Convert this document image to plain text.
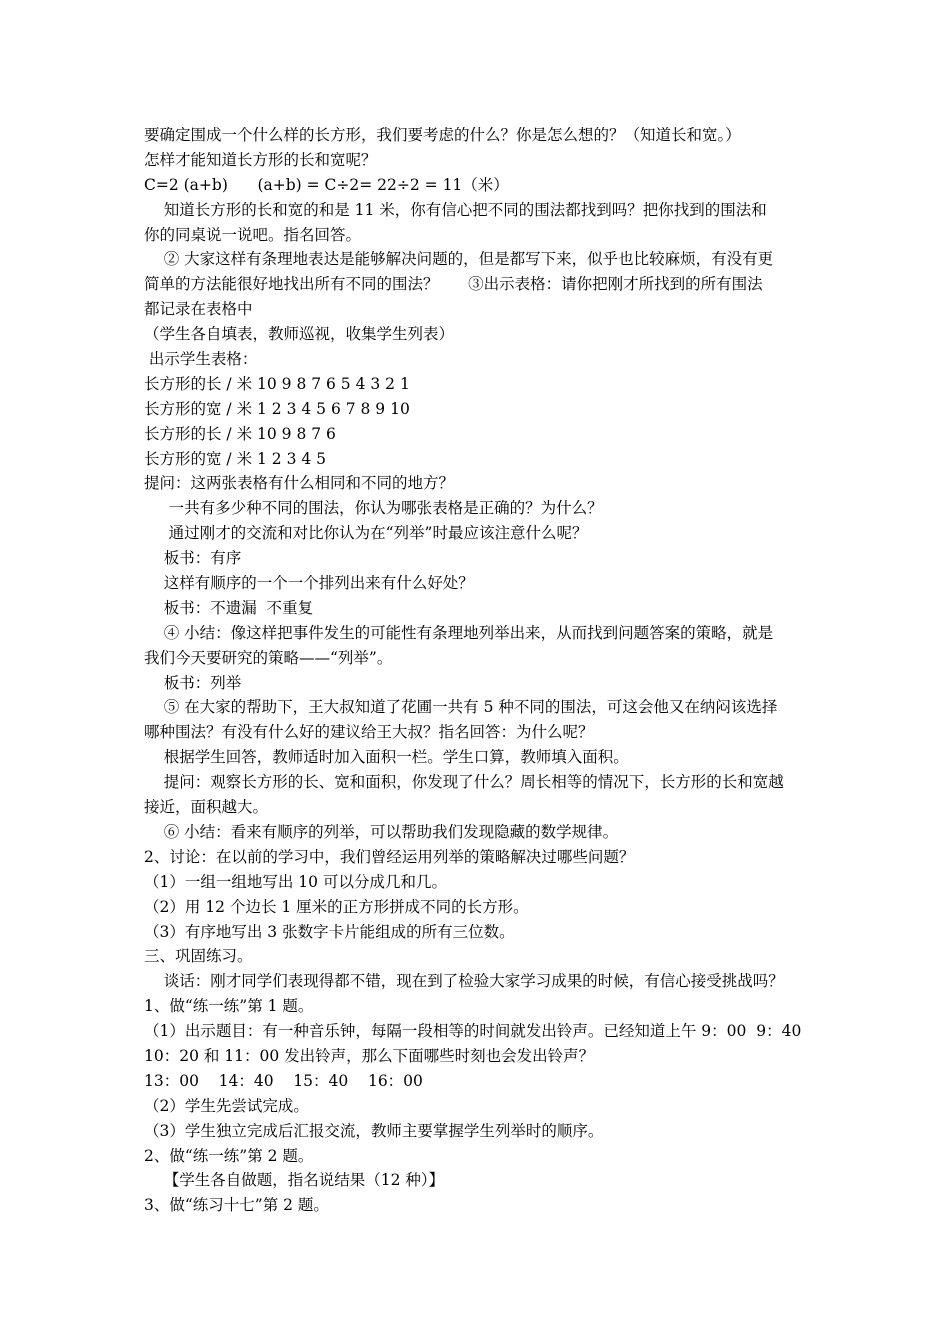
要确定围成一个什么样的长方形，我们要考虑的什么？你是怎么想的？（知道长和宽。）
怎样才能知道长方形的长和宽呢？
C=2 (a+b)      (a+b) = C÷2= 22÷2 = 11（米）
知道长方形的长和宽的和是 11 米，你有信心把不同的围法都找到吗？把你找到的围法和
你的同桌说一说吧。指名回答。
② 大家这样有条理地表达是能够解决问题的，但是都写下来，似乎也比较麻烦，有没有更
简单的方法能很好地找出所有不同的围法？      ③出示表格：请你把刚才所找到的所有围法
都记录在表格中
（学生各自填表，教师巡视，收集学生列表）
出示学生表格：
长方形的长 / 米 10 9 8 7 6 5 4 3 2 1
长方形的宽 / 米 1 2 3 4 5 6 7 8 9 10
长方形的长 / 米 10 9 8 7 6
长方形的宽 / 米 1 2 3 4 5
提问：这两张表格有什么相同和不同的地方？
一共有多少种不同的围法，你认为哪张表格是正确的？为什么？
通过刚才的交流和对比你认为在“列举”时最应该注意什么呢？
板书：有序
这样有顺序的一个一个排列出来有什么好处？
板书：不遗漏  不重复
④ 小结：像这样把事件发生的可能性有条理地列举出来，从而找到问题答案的策略，就是
我们今天要研究的策略——“列举”。
板书：列举
⑤ 在大家的帮助下，王大叔知道了花圃一共有 5 种不同的围法，可这会他又在纳闷该选择
哪种围法？有没有什么好的建议给王大叔？指名回答：为什么呢？
根据学生回答，教师适时加入面积一栏。学生口算，教师填入面积。
提问：观察长方形的长、宽和面积，你发现了什么？周长相等的情况下，长方形的长和宽越
接近，面积越大。
⑥ 小结：看来有顺序的列举，可以帮助我们发现隐藏的数学规律。
2、讨论：在以前的学习中，我们曾经运用列举的策略解决过哪些问题？
（1）一组一组地写出 10 可以分成几和几。
（2）用 12 个边长 1 厘米的正方形拼成不同的长方形。
（3）有序地写出 3 张数字卡片能组成的所有三位数。
三、巩固练习。
谈话：刚才同学们表现得都不错，现在到了检验大家学习成果的时候，有信心接受挑战吗？
1、做“练一练”第 1 题。
（1）出示题目：有一种音乐钟，每隔一段相等的时间就发出铃声。已经知道上午 9：00  9：40
10：20 和 11：00 发出铃声，那么下面哪些时刻也会发出铃声？
13：00    14：40    15：40    16：00
（2）学生先尝试完成。
（3）学生独立完成后汇报交流，教师主要掌握学生列举时的顺序。
2、做“练一练”第 2 题。
【学生各自做题，指名说结果（12 种）】
3、做“练习十七”第 2 题。
